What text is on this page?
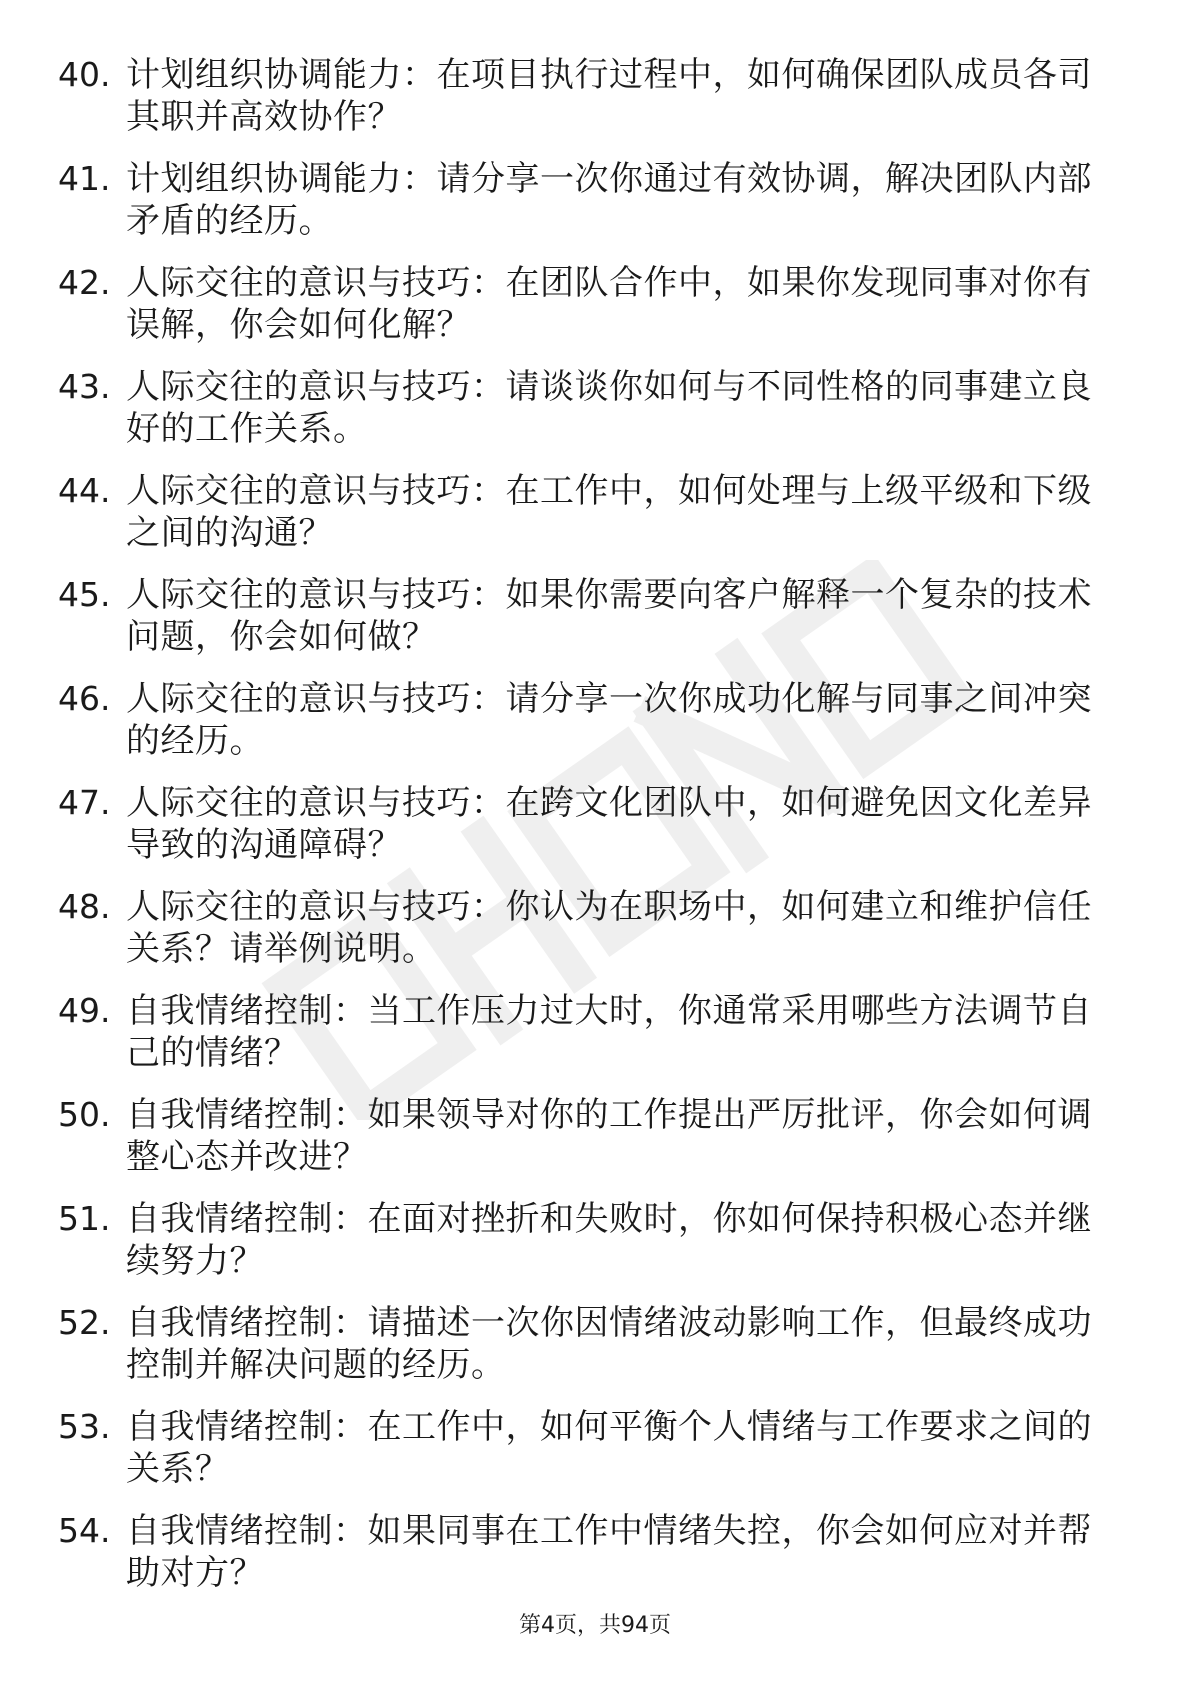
40. 计划组织协调能力：在项目执行过程中，如何确保团队成员各司其职并高效协作？
41. 计划组织协调能力：请分享一次你通过有效协调，解决团队内部矛盾的经历。
42. 人际交往的意识与技巧：在团队合作中，如果你发现同事对你有误解，你会如何化解？
43. 人际交往的意识与技巧：请谈谈你如何与不同性格的同事建立良好的工作关系。
44. 人际交往的意识与技巧：在工作中，如何处理与上级平级和下级之间的沟通？
45. 人际交往的意识与技巧：如果你需要向客户解释一个复杂的技术问题，你会如何做？
46. 人际交往的意识与技巧：请分享一次你成功化解与同事之间冲突的经历。
47. 人际交往的意识与技巧：在跨文化团队中，如何避免因文化差异导致的沟通障碍？
48. 人际交往的意识与技巧：你认为在职场中，如何建立和维护信任关系？请举例说明。
49. 自我情绪控制：当工作压力过大时，你通常采用哪些方法调节自己的情绪？
50. 自我情绪控制：如果领导对你的工作提出严厉批评，你会如何调整心态并改进？
51. 自我情绪控制：在面对挫折和失败时，你如何保持积极心态并继续努力？
52. 自我情绪控制：请描述一次你因情绪波动影响工作，但最终成功控制并解决问题的经历。
53. 自我情绪控制：在工作中，如何平衡个人情绪与工作要求之间的关系？
54. 自我情绪控制：如果同事在工作中情绪失控，你会如何应对并帮助对方？
第4页，共94页
